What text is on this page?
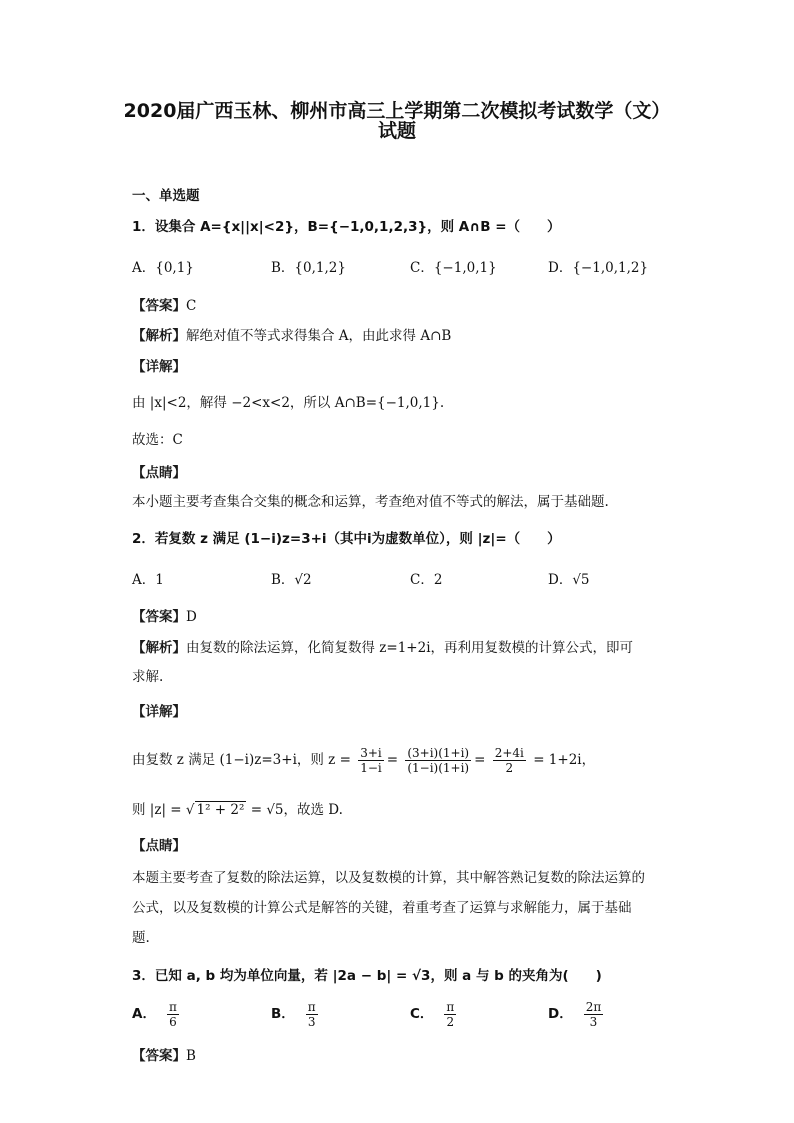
2020届广西玉林、柳州市高三上学期第二次模拟考试数学（文）
试题
一、单选题
1．设集合 A={x||x|<2}，B={−1,0,1,2,3}，则 A∩B =（　　）
A．{0,1}	B．{0,1,2}	C．{−1,0,1}	D．{−1,0,1,2}
【答案】C
【解析】解绝对值不等式求得集合 A，由此求得 A∩B
【详解】
由 |x|<2，解得 −2<x<2，所以 A∩B={−1,0,1}.
故选：C
【点睛】
本小题主要考查集合交集的概念和运算，考查绝对值不等式的解法，属于基础题.
2．若复数 z 满足 (1−i)z=3+i（其中i为虚数单位），则 |z|=（　　）
A．1	B．√2	C．2	D．√5
【答案】D
【解析】由复数的除法运算，化简复数得 z=1+2i，再利用复数模的计算公式，即可
求解.
【详解】
由复数 z 满足 (1−i)z=3+i，则 $z = \frac{3+i}{1-i} = \frac{(3+i)(1+i)}{(1-i)(1+i)} = \frac{2+4i}{2} = 1+2i$，
则 |z| = √ 1² + 2² = √5，故选 D.
【点睛】
本题主要考查了复数的除法运算，以及复数模的计算，其中解答熟记复数的除法运算的
公式，以及复数模的计算公式是解答的关键，着重考查了运算与求解能力，属于基础
题.
3．已知 a, b 均为单位向量，若 |2a − b| = √3，则 a 与 b 的夹角为(　　)
A． $\frac{\pi}{6}$	B． $\frac{\pi}{3}$	C． $\frac{\pi}{2}$	D． $\frac{2\pi}{3}$
【答案】B
